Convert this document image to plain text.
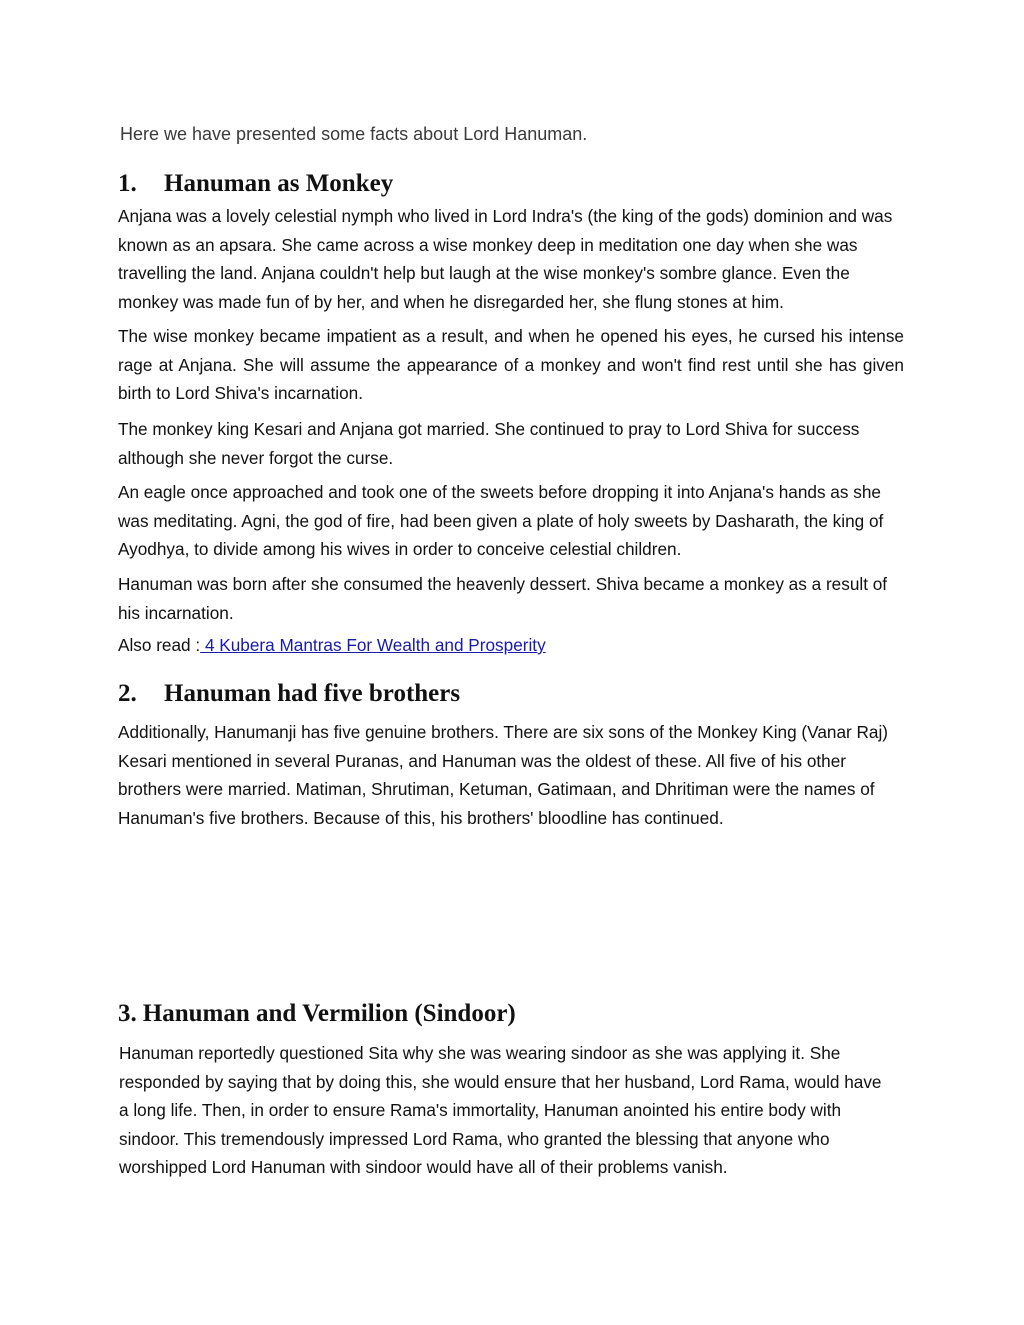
Here we have presented some facts about Lord Hanuman.

1. Hanuman as Monkey

Anjana was a lovely celestial nymph who lived in Lord Indra's (the king of the gods) dominion and was known as an apsara. She came across a wise monkey deep in meditation one day when she was travelling the land. Anjana couldn't help but laugh at the wise monkey's sombre glance. Even the monkey was made fun of by her, and when he disregarded her, she flung stones at him.

The wise monkey became impatient as a result, and when he opened his eyes, he cursed his intense rage at Anjana. She will assume the appearance of a monkey and won't find rest until she has given birth to Lord Shiva's incarnation.

The monkey king Kesari and Anjana got married. She continued to pray to Lord Shiva for success although she never forgot the curse.

An eagle once approached and took one of the sweets before dropping it into Anjana's hands as she was meditating. Agni, the god of fire, had been given a plate of holy sweets by Dasharath, the king of Ayodhya, to divide among his wives in order to conceive celestial children.

Hanuman was born after she consumed the heavenly dessert. Shiva became a monkey as a result of his incarnation.

Also read : 4 Kubera Mantras For Wealth and Prosperity

2. Hanuman had five brothers

Additionally, Hanumanji has five genuine brothers. There are six sons of the Monkey King (Vanar Raj) Kesari mentioned in several Puranas, and Hanuman was the oldest of these. All five of his other brothers were married. Matiman, Shrutiman, Ketuman, Gatimaan, and Dhritiman were the names of Hanuman's five brothers. Because of this, his brothers' bloodline has continued.

3. Hanuman and Vermilion (Sindoor)

Hanuman reportedly questioned Sita why she was wearing sindoor as she was applying it. She responded by saying that by doing this, she would ensure that her husband, Lord Rama, would have a long life. Then, in order to ensure Rama's immortality, Hanuman anointed his entire body with sindoor. This tremendously impressed Lord Rama, who granted the blessing that anyone who worshipped Lord Hanuman with sindoor would have all of their problems vanish.
